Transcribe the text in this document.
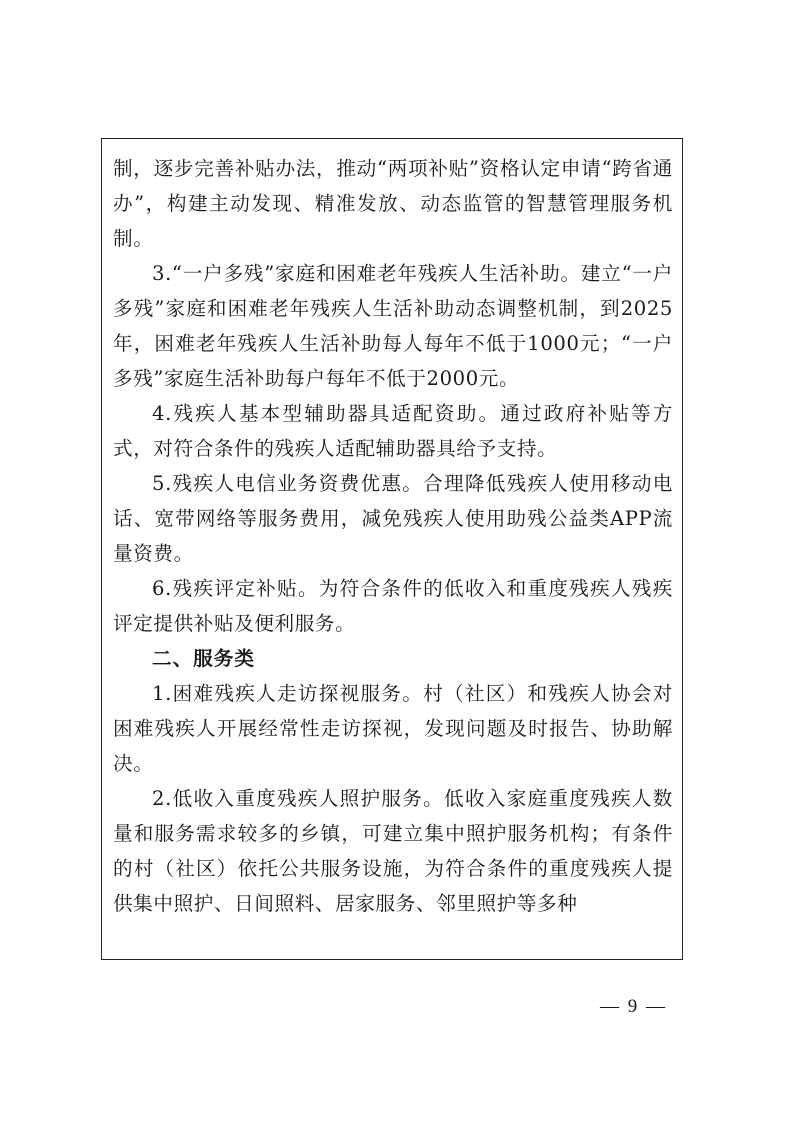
制，逐步完善补贴办法，推动“两项补贴”资格认定申请“跨省通办”，构建主动发现、精准发放、动态监管的智慧管理服务机制。

3.“一户多残”家庭和困难老年残疾人生活补助。建立“一户多残”家庭和困难老年残疾人生活补助动态调整机制，到2025年，困难老年残疾人生活补助每人每年不低于1000元；“一户多残”家庭生活补助每户每年不低于2000元。

4.残疾人基本型辅助器具适配资助。通过政府补贴等方式，对符合条件的残疾人适配辅助器具给予支持。

5.残疾人电信业务资费优惠。合理降低残疾人使用移动电话、宽带网络等服务费用，减免残疾人使用助残公益类APP流量资费。

6.残疾评定补贴。为符合条件的低收入和重度残疾人残疾评定提供补贴及便利服务。

二、服务类

1.困难残疾人走访探视服务。村（社区）和残疾人协会对困难残疾人开展经常性走访探视，发现问题及时报告、协助解决。

2.低收入重度残疾人照护服务。低收入家庭重度残疾人数量和服务需求较多的乡镇，可建立集中照护服务机构；有条件的村（社区）依托公共服务设施，为符合条件的重度残疾人提供集中照护、日间照料、居家服务、邻里照护等多种

— 9 —
